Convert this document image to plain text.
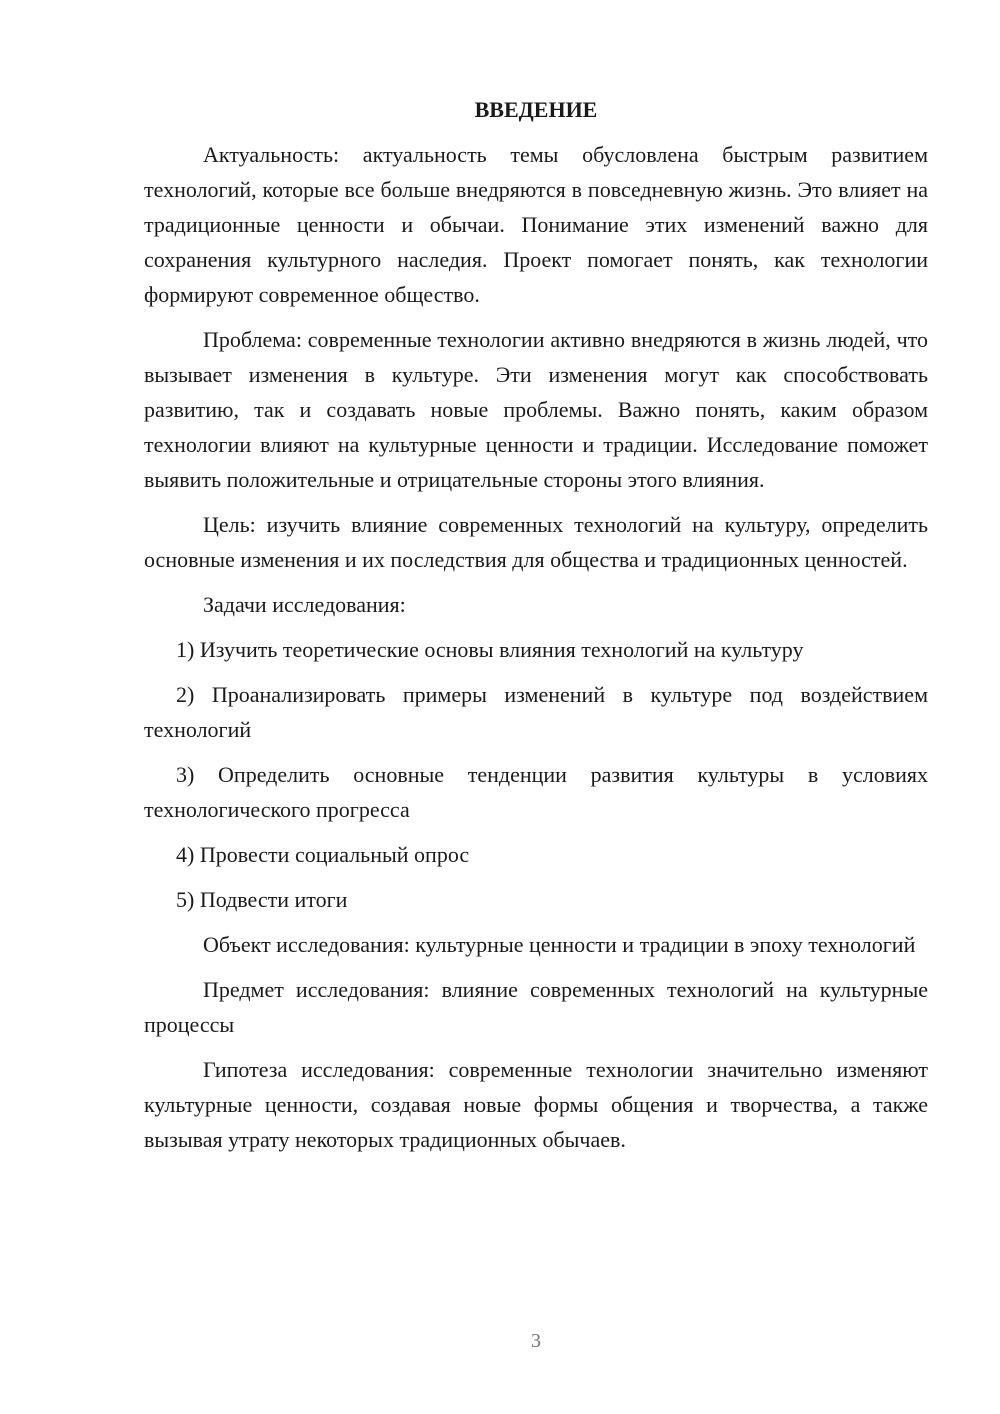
ВВЕДЕНИЕ

Актуальность: актуальность темы обусловлена быстрым развитием технологий, которые все больше внедряются в повседневную жизнь. Это влияет на традиционные ценности и обычаи. Понимание этих изменений важно для сохранения культурного наследия. Проект помогает понять, как технологии формируют современное общество.

Проблема: современные технологии активно внедряются в жизнь людей, что вызывает изменения в культуре. Эти изменения могут как способствовать развитию, так и создавать новые проблемы. Важно понять, каким образом технологии влияют на культурные ценности и традиции. Исследование поможет выявить положительные и отрицательные стороны этого влияния.

Цель: изучить влияние современных технологий на культуру, определить основные изменения и их последствия для общества и традиционных ценностей.

Задачи исследования:

1) Изучить теоретические основы влияния технологий на культуру

2) Проанализировать примеры изменений в культуре под воздействием технологий

3) Определить основные тенденции развития культуры в условиях технологического прогресса

4) Провести социальный опрос

5) Подвести итоги

Объект исследования: культурные ценности и традиции в эпоху технологий

Предмет исследования: влияние современных технологий на культурные процессы

Гипотеза исследования: современные технологии значительно изменяют культурные ценности, создавая новые формы общения и творчества, а также вызывая утрату некоторых традиционных обычаев.

3
